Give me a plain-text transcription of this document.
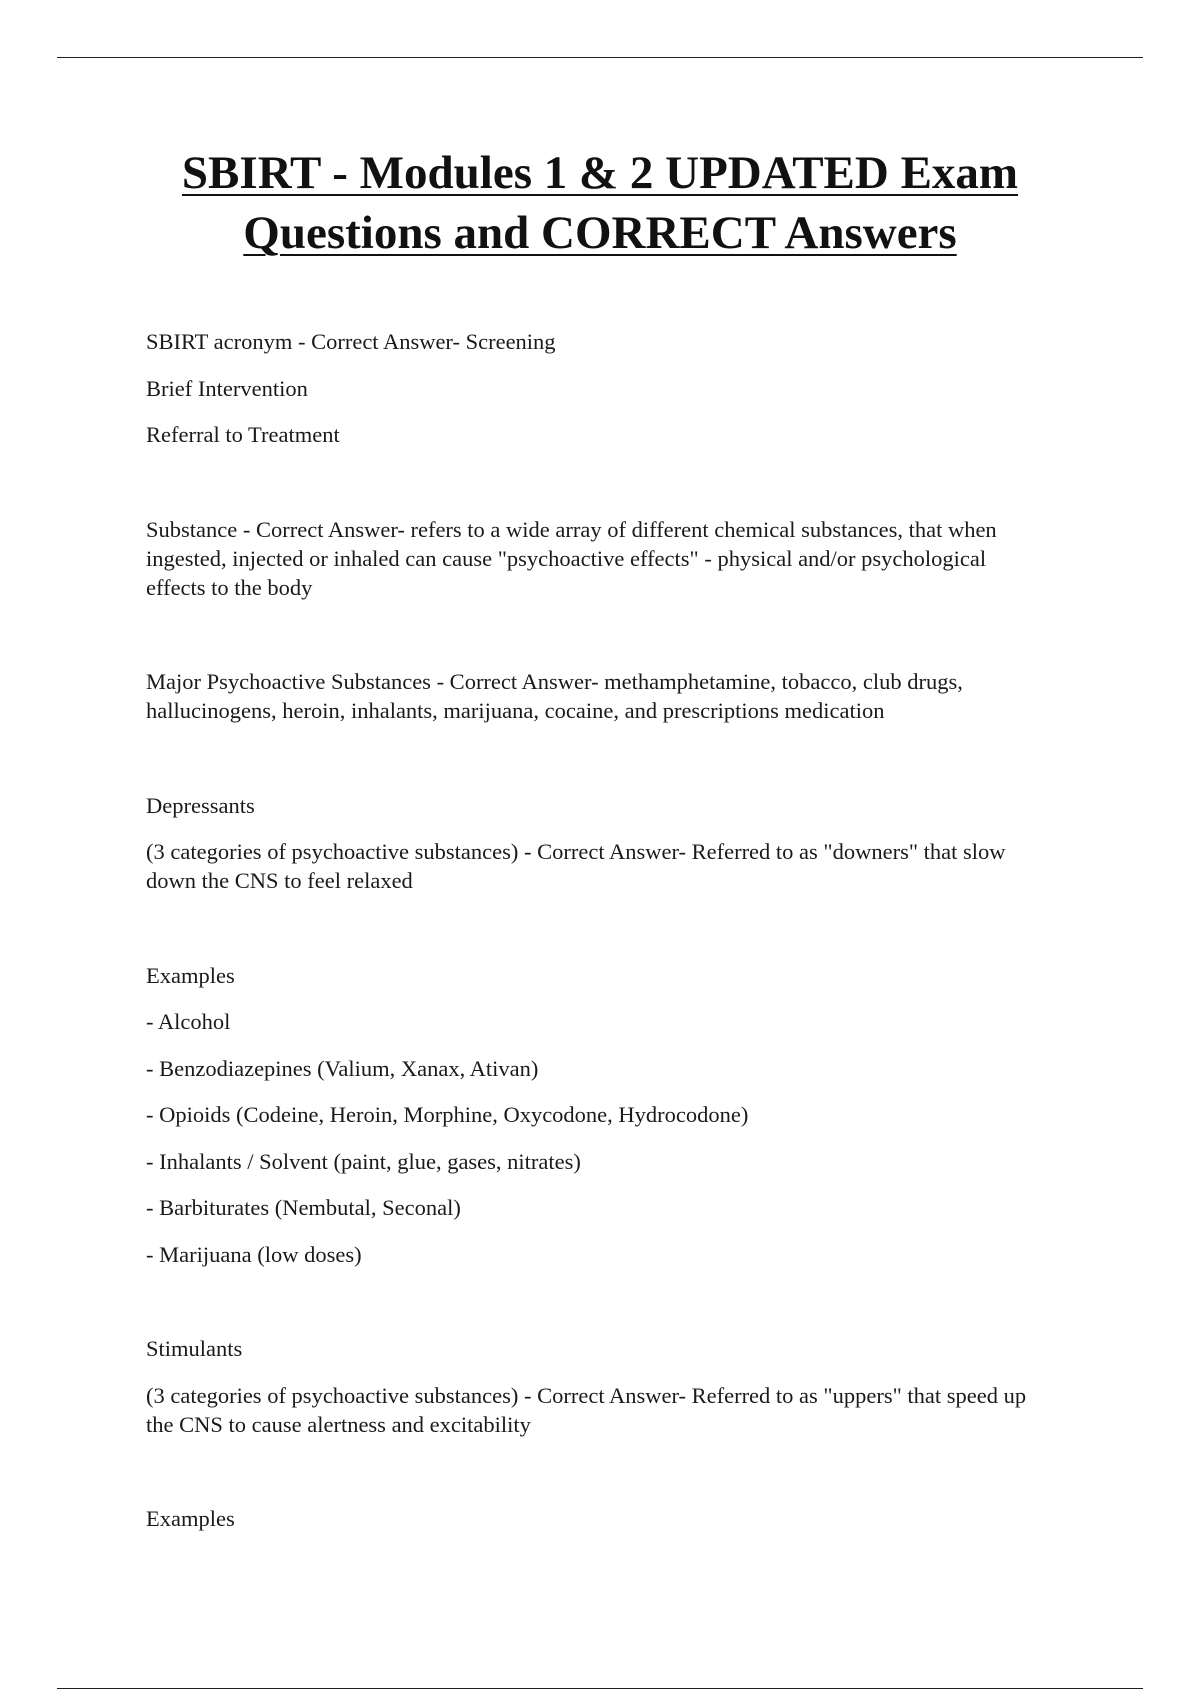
SBIRT - Modules 1 & 2 UPDATED Exam
Questions and CORRECT Answers

SBIRT acronym - Correct Answer- Screening

Brief Intervention

Referral to Treatment

Substance - Correct Answer- refers to a wide array of different chemical substances, that when ingested, injected or inhaled can cause "psychoactive effects" - physical and/or psychological effects to the body

Major Psychoactive Substances - Correct Answer- methamphetamine, tobacco, club drugs, hallucinogens, heroin, inhalants, marijuana, cocaine, and prescriptions medication

Depressants

(3 categories of psychoactive substances) - Correct Answer- Referred to as "downers" that slow down the CNS to feel relaxed

Examples

- Alcohol

- Benzodiazepines (Valium, Xanax, Ativan)

- Opioids (Codeine, Heroin, Morphine, Oxycodone, Hydrocodone)

- Inhalants / Solvent (paint, glue, gases, nitrates)

- Barbiturates (Nembutal, Seconal)

- Marijuana (low doses)

Stimulants

(3 categories of psychoactive substances) - Correct Answer- Referred to as "uppers" that speed up the CNS to cause alertness and excitability

Examples
